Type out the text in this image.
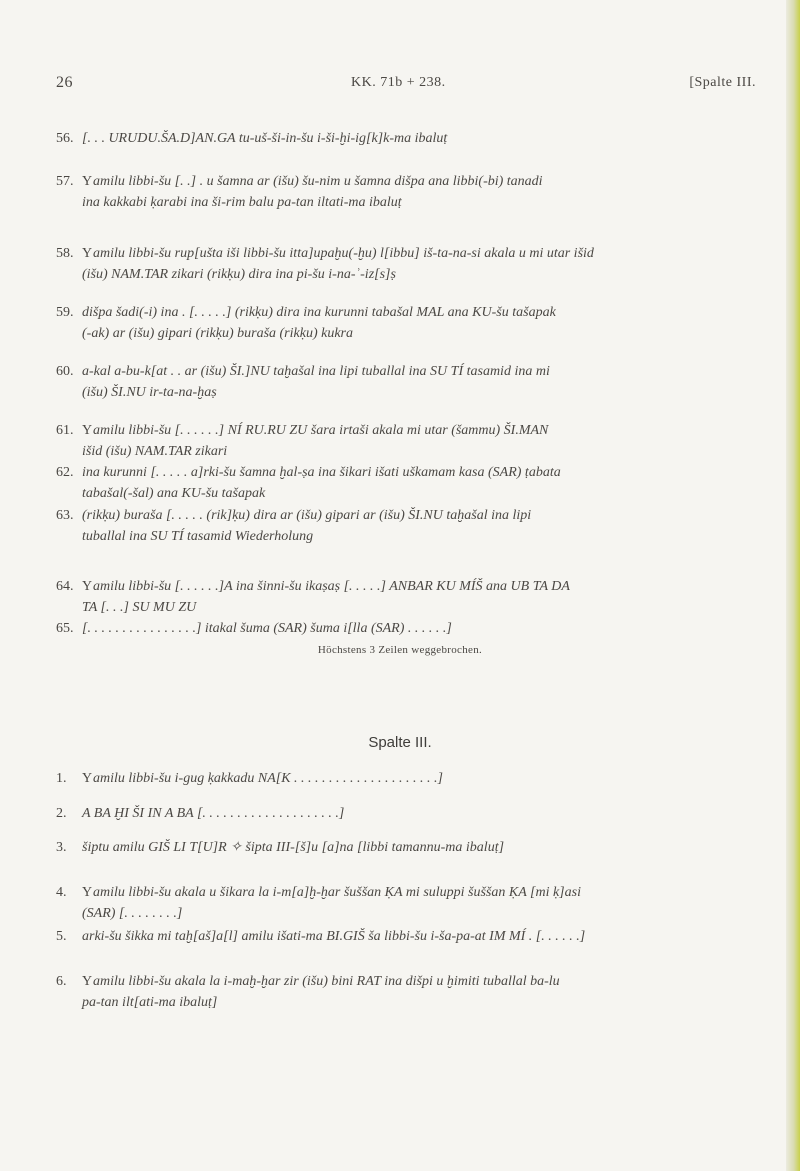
26	KK. 71b + 238.	[Spalte III.
56. [. . . URUDU.ŠA.D]AN.GA tu-uš-ši-in-šu i-ši-ḫi-ig[k]k-ma ibaluṭ
57. Yamilu libbi-šu [. .] . u šamna ar (išu) šu-nim u šamna dišpa ana libbi(-bi) tanadi
ina kakkabi ḳarabi ina ši-rim balu pa-tan iltati-ma ibaluṭ
58. Yamilu libbi-šu rup[ušta iši libbi-šu itta]upaḫu(-ḫu) l[ibbu] iš-ta-na-si akala u mi utar išid
(išu) NAM.TAR zikari (rikḳu) dira ina pi-šu i-na-ʾ-iz[s]ṣ
59. dišpa šadi(-i) ina . [. . . . .] (rikḳu) dira ina kurunni tabašal MAL ana KU-šu tašapak
(-ak) ar (išu) gipari (rikḳu) buraša (rikḳu) kukra
60. a-kal a-bu-k[at . . ar (išu) ŠI.]NU taḫašal ina lipi tuballal ina SU TÍ tasamid ina mi
(išu) ŠI.NU ir-ta-na-ḫaṣ
61. Yamilu libbi-šu [. . . . . .] NÍ RU.RU ZU šara irtaši akala mi utar (šammu) ŠI.MAN
išid (išu) NAM.TAR zikari
62. ina kurunni [. . . . . a]rki-šu šamna ḫal-ṣa ina šikari išati uškamam kasa (SAR) ṭabata
tabašal(-šal) ana KU-šu tašapak
63. (rikḳu) buraša [. . . . . (rik]ḳu) dira ar (išu) gipari ar (išu) ŠI.NU taḫašal ina lipi
tuballal ina SU TÍ tasamid Wiederholung
64. Yamilu libbi-šu [. . . . . .]A ina šinni-šu ikaṣaṣ [. . . . .] ANBAR KU MÍŠ ana UB TA DA
TA [. . .] SU MU ZU
65. [. . . . . . . . . . . . . . . .] itakal šuma (SAR) šuma i[lla (SAR) . . . . . .]
Höchstens 3 Zeilen weggebrochen.
Spalte III.
1. Yamilu libbi-šu i-gug ḳakkadu NA[K . . . . . . . . . . . . . . . . . . . . .]
2. A BA ḪI ŠI IN A BA [. . . . . . . . . . . . . . . . . . . .]
3. šiptu amilu GIŠ LI T[U]R ✧ šipta III-[š]u [a]na [libbi tamannu-ma ibaluṭ]
4. Yamilu libbi-šu akala u šikara la i-m[a]ḫ-ḫar šuššan ḲA mi suluppi šuššan ḲA [mi ḳ]asi
(SAR) [. . . . . . . .]
5. arki-šu šikka mi taḫ[aš]a[l] amilu išati-ma BI.GIŠ ša libbi-šu i-ša-pa-at IM MÍ . [. . . . . .]
6. Yamilu libbi-šu akala la i-maḫ-ḫar zir (išu) bini RAT ina dišpi u ḫimiti tuballal ba-lu
pa-tan ilt[ati-ma ibaluṭ]
